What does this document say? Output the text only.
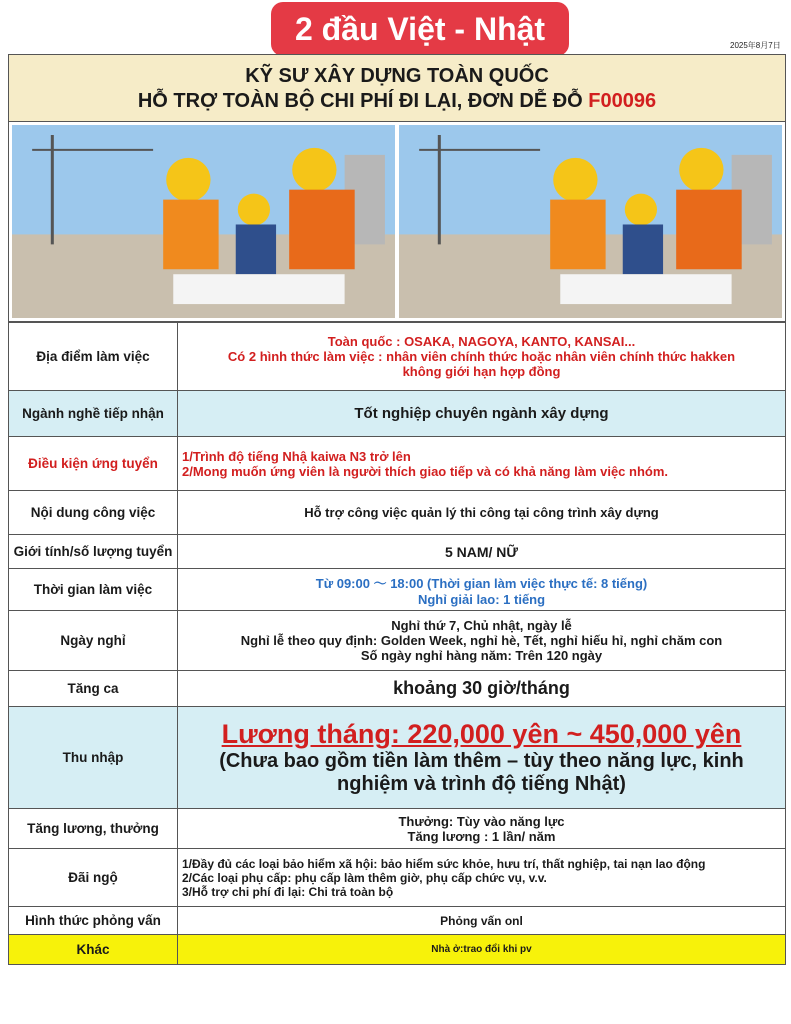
2 đầu Việt - Nhật	2025年8月7日
KỸ SƯ XÂY DỰNG TOÀN QUỐC
HỖ TRỢ TOÀN BỘ CHI PHÍ ĐI LẠI, ĐƠN DỄ ĐỖ F00096
Địa điểm làm việc	Toàn quốc : OSAKA, NAGOYA, KANTO, KANSAI...
Có 2 hình thức làm việc : nhân viên chính thức hoặc nhân viên chính thức hakken
không giới hạn hợp đồng

Ngành nghề tiếp nhận	Tốt nghiệp chuyên ngành xây dựng
Điều kiện ứng tuyển	1/Trình độ tiếng Nhậ kaiwa N3 trở lên
2/Mong muốn ứng viên là người thích giao tiếp và có khả năng làm việc nhóm.

Nội dung công việc	Hỗ trợ công việc quản lý thi công tại công trình xây dựng
Giới tính/số lượng tuyển	5 NAM/ NỮ
Thời gian làm việc	Từ 09:00 ～ 18:00 (Thời gian làm việc thực tế: 8 tiếng)
Nghỉ giải lao: 1 tiếng

Ngày nghỉ	Nghỉ thứ 7, Chủ nhật, ngày lễ
Nghỉ lễ theo quy định: Golden Week, nghỉ hè, Tết, nghỉ hiếu hỉ, nghỉ chăm con
Số ngày nghỉ hàng năm: Trên 120 ngày

Tăng ca	khoảng 30 giờ/tháng
Thu nhập	Lương tháng: 220,000 yên ~ 450,000 yên
(Chưa bao gồm tiền làm thêm – tùy theo năng lực, kinh
nghiệm và trình độ tiếng Nhật)

Tăng lương, thưởng	Thưởng: Tùy vào năng lực
Tăng lương : 1 lần/ năm

Đãi ngộ	1/Đầy đủ các loại bảo hiểm xã hội: bảo hiểm sức khỏe, hưu trí, thất nghiệp, tai nạn lao động
2/Các loại phụ cấp: phụ cấp làm thêm giờ, phụ cấp chức vụ, v.v.
3/Hỗ trợ chi phí đi lại: Chi trả toàn bộ

Hình thức phỏng vấn	Phỏng vấn onl
Khác	Nhà ở:trao đổi khi pv
